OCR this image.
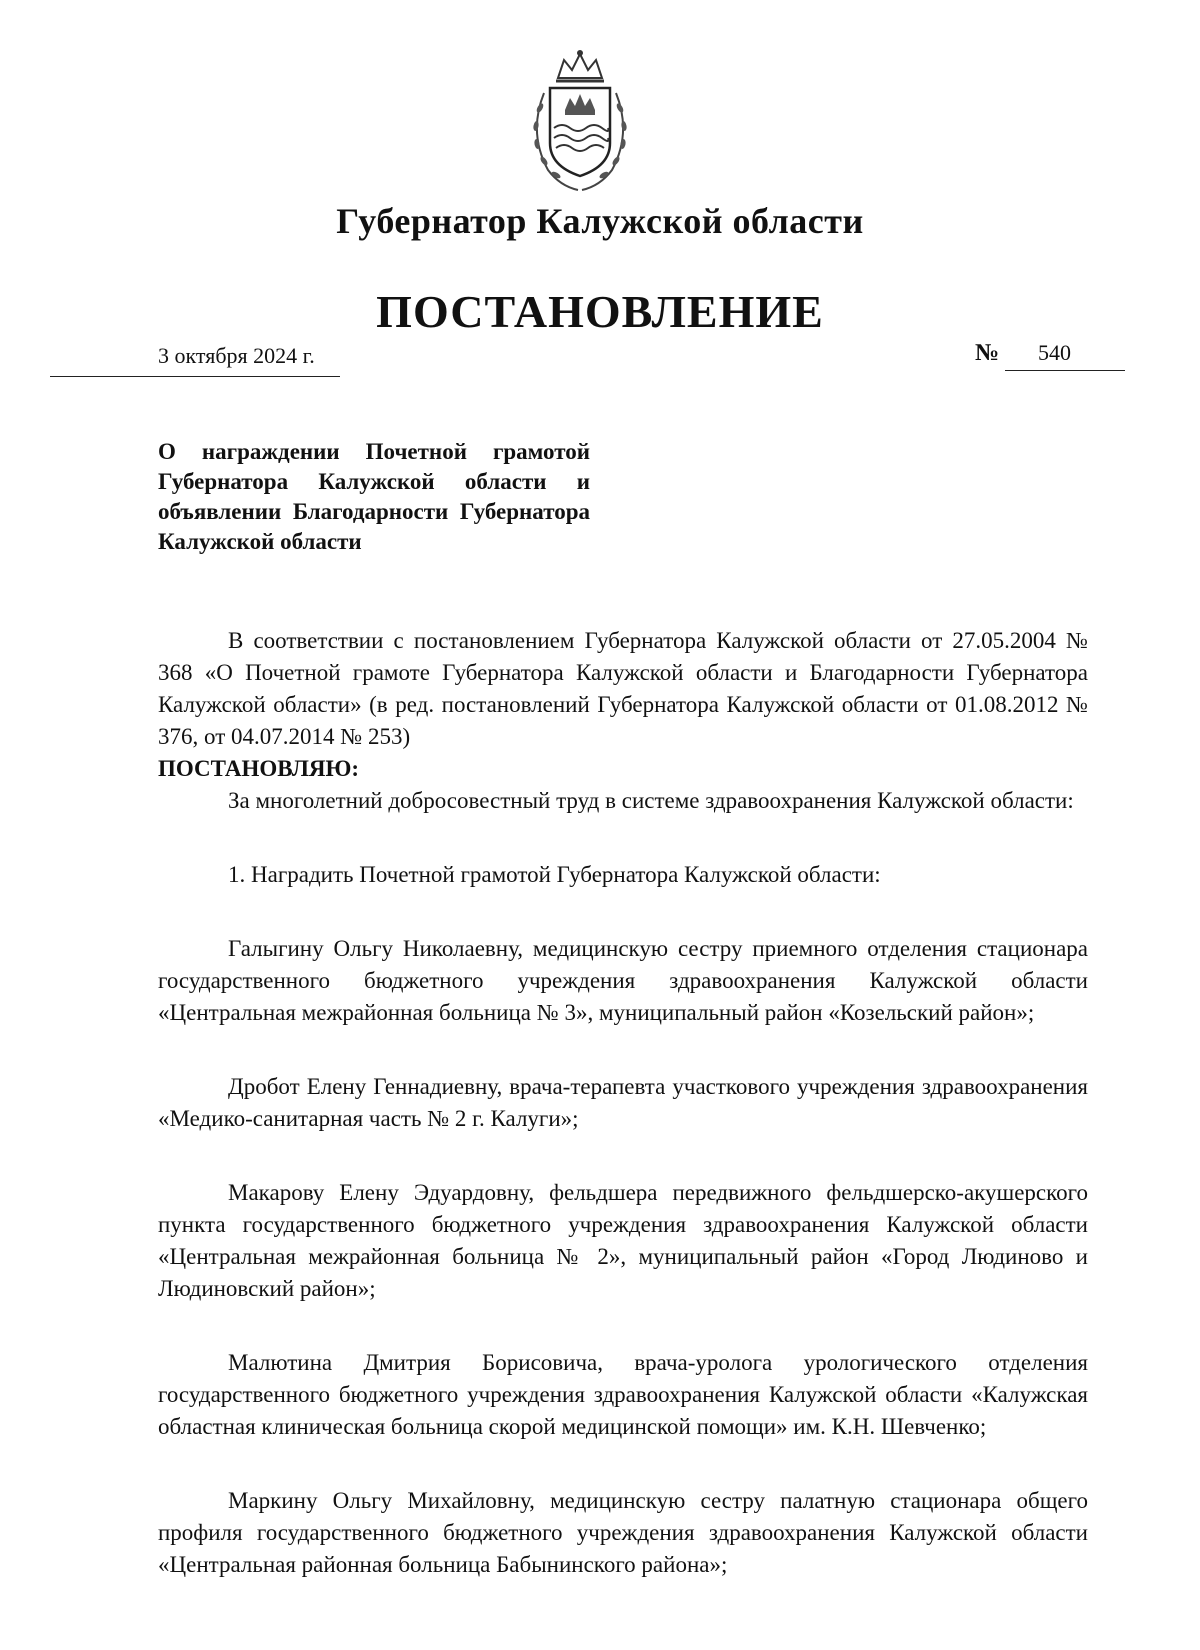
Губернатор Калужской области
ПОСТАНОВЛЕНИЕ
3 октября 2024 г.	№ 540
О награждении Почетной грамотой Губернатора Калужской области и объявлении Благодарности Губернатора Калужской области

В соответствии с постановлением Губернатора Калужской области от 27.05.2004 № 368 «О Почетной грамоте Губернатора Калужской области и Благодарности Губернатора Калужской области» (в ред. постановлений Губернатора Калужской области от 01.08.2012 № 376, от 04.07.2014 № 253)

ПОСТАНОВЛЯЮ:

За многолетний добросовестный труд в системе здравоохранения Калужской области:

1. Наградить Почетной грамотой Губернатора Калужской области:

Галыгину Ольгу Николаевну, медицинскую сестру приемного отделения стационара государственного бюджетного учреждения здравоохранения Калужской области «Центральная межрайонная больница № 3», муниципальный район «Козельский район»;

Дробот Елену Геннадиевну, врача-терапевта участкового учреждения здравоохранения «Медико-санитарная часть № 2 г. Калуги»;

Макарову Елену Эдуардовну, фельдшера передвижного фельдшерско-акушерского пункта государственного бюджетного учреждения здравоохранения Калужской области «Центральная межрайонная больница № 2», муниципальный район «Город Людиново и Людиновский район»;

Малютина Дмитрия Борисовича, врача-уролога урологического отделения государственного бюджетного учреждения здравоохранения Калужской области «Калужская областная клиническая больница скорой медицинской помощи» им. К.Н. Шевченко;

Маркину Ольгу Михайловну, медицинскую сестру палатную стационара общего профиля государственного бюджетного учреждения здравоохранения Калужской области «Центральная районная больница Бабынинского района»;
